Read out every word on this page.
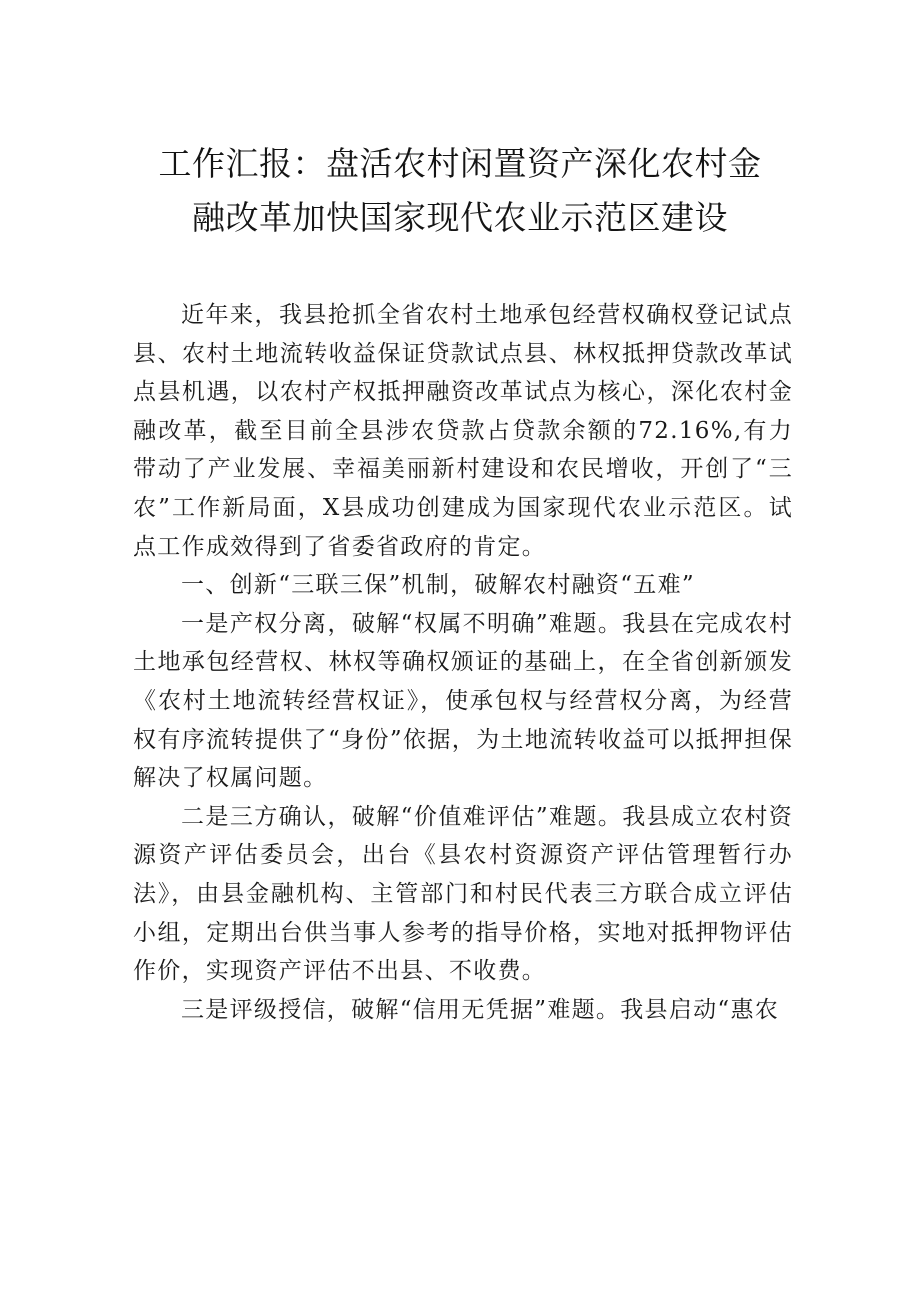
工作汇报：盘活农村闲置资产深化农村金
融改革加快国家现代农业示范区建设

近年来，我县抢抓全省农村土地承包经营权确权登记试点县、农村土地流转收益保证贷款试点县、林权抵押贷款改革试点县机遇，以农村产权抵押融资改革试点为核心，深化农村金融改革，截至目前全县涉农贷款占贷款余额的72.16%,有力带动了产业发展、幸福美丽新村建设和农民增收，开创了“三农”工作新局面，X县成功创建成为国家现代农业示范区。试点工作成效得到了省委省政府的肯定。

一、创新“三联三保”机制，破解农村融资“五难”

一是产权分离，破解“权属不明确”难题。我县在完成农村土地承包经营权、林权等确权颁证的基础上，在全省创新颁发《农村土地流转经营权证》，使承包权与经营权分离，为经营权有序流转提供了“身份”依据，为土地流转收益可以抵押担保解决了权属问题。

二是三方确认，破解“价值难评估”难题。我县成立农村资源资产评估委员会，出台《县农村资源资产评估管理暂行办法》，由县金融机构、主管部门和村民代表三方联合成立评估小组，定期出台供当事人参考的指导价格，实地对抵押物评估作价，实现资产评估不出县、不收费。

三是评级授信，破解“信用无凭据”难题。我县启动“惠农
